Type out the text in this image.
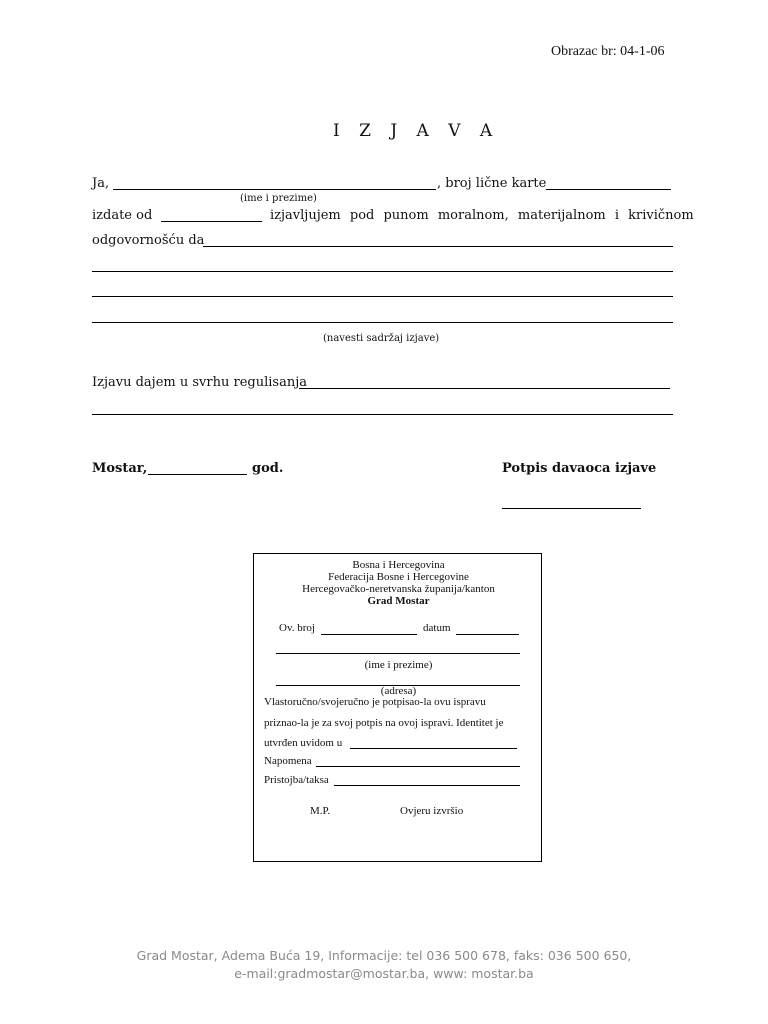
Obrazac br: 04-1-06
I Z J A V A
Ja,	, broj lične karte
(ime i prezime)
izdate od	izjavljujem pod punom moralnom, materijalnom i krivičnom
odgovornošću da
(navesti sadržaj izjave)
Izjavu dajem u svrhu regulisanja
Mostar,	god.	Potpis davaoca izjave
Bosna i Hercegovina
Federacija Bosne i Hercegovine
Hercegovačko-neretvanska županija/kanton
Grad Mostar
Ov. broj	datum
(ime i prezime)
(adresa)
Vlastoručno/svojeručno je potpisao-la ovu ispravu
priznao-la je za svoj potpis na ovoj ispravi. Identitet je
utvrđen uvidom u
Napomena
Pristojba/taksa
M.P.	Ovjeru izvršio
Grad Mostar, Adema Buća 19, Informacije: tel 036 500 678, faks: 036 500 650,
e-mail:gradmostar@mostar.ba, www: mostar.ba
